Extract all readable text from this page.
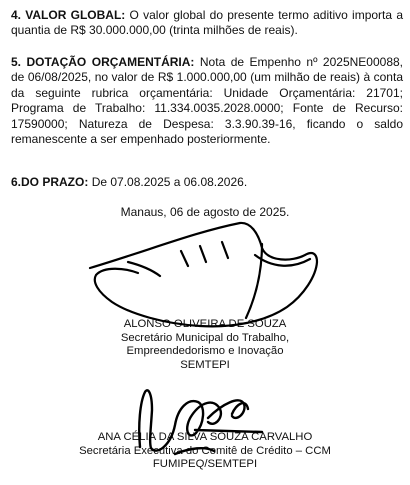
4. VALOR GLOBAL: O valor global do presente termo aditivo importa a
quantia de R$ 30.000.000,00 (trinta milhões de reais).
5. DOTAÇÃO ORÇAMENTÁRIA: Nota de Empenho nº 2025NE00088,
de 06/08/2025, no valor de R$ 1.000.000,00 (um milhão de reais) à conta
da seguinte rubrica orçamentária: Unidade Orçamentária: 21701;
Programa de Trabalho: 11.334.0035.2028.0000; Fonte de Recurso:
17590000; Natureza de Despesa: 3.3.90.39-16, ficando o saldo
remanescente a ser empenhado posteriormente.
6.DO PRAZO: De 07.08.2025 a 06.08.2026.
Manaus, 06 de agosto de 2025.
ALONSO OLIVEIRA DE SOUZA
Secretário Municipal do Trabalho,
Empreendedorismo e Inovação
SEMTEPI
ANA CÉLIA DA SILVA SOUZA CARVALHO
Secretária Executiva do Comitê de Crédito – CCM
FUMIPEQ/SEMTEPI
